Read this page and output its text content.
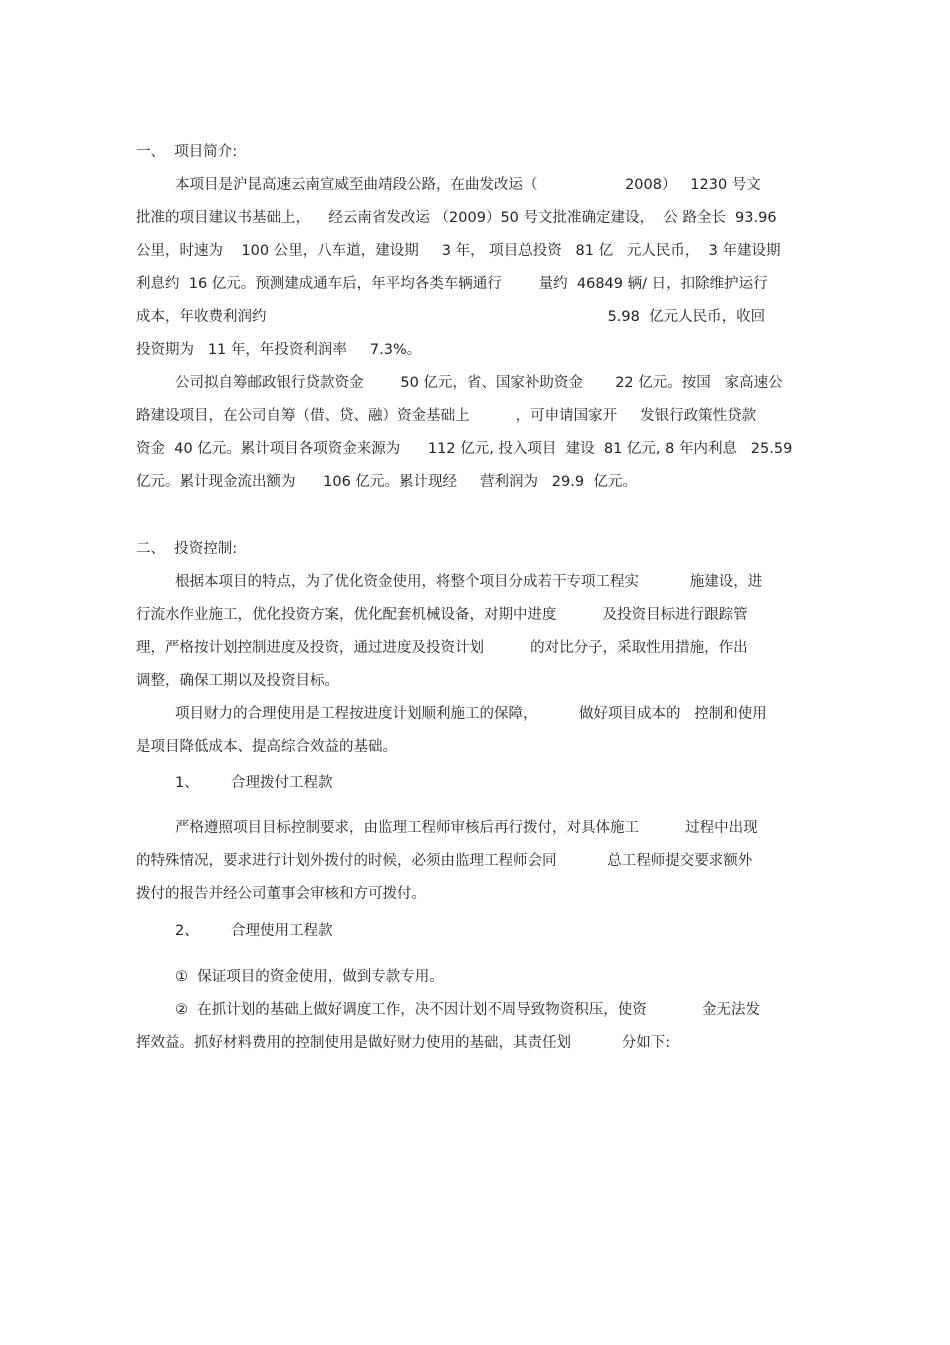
一、  项目简介:
本项目是沪昆高速云南宣威至曲靖段公路，在曲发改运（                   2008）   1230 号文
批准的项目建议书基础上，    经云南省发改运 （2009）50 号文批准确定建设，  公 路全长  93.96
公里，时速为    100 公里，八车道，建设期     3 年， 项目总投资   81 亿   元人民币，  3 年建设期
利息约  16 亿元。预测建成通车后，年平均各类车辆通行        量约  46849 辆/ 日，扣除维护运行
成本，年收费利润约                                                                          5.98  亿元人民币，收回
投资期为   11 年，年投资利润率     7.3%。
公司拟自筹邮政银行贷款资金        50 亿元，省、国家补助资金       22 亿元。按国   家高速公
路建设项目，在公司自筹（借、贷、融）资金基础上          ，可申请国家开     发银行政策性贷款
资金  40 亿元。累计项目各项资金来源为      112 亿元, 投入项目  建设  81 亿元, 8 年内利息   25.59
亿元。累计现金流出额为      106 亿元。累计现经     营利润为   29.9  亿元。
二、  投资控制:
根据本项目的特点，为了优化资金使用，将整个项目分成若干专项工程实           施建设，进
行流水作业施工，优化投资方案，优化配套机械设备，对期中进度          及投资目标进行跟踪管
理，严格按计划控制进度及投资，通过进度及投资计划          的对比分子，采取性用措施，作出
调整，确保工期以及投资目标。
项目财力的合理使用是工程按进度计划顺利施工的保障，         做好项目成本的   控制和使用
是项目降低成本、提高综合效益的基础。
1、       合理拨付工程款
严格遵照项目目标控制要求，由监理工程师审核后再行拨付，对具体施工          过程中出现
的特殊情况，要求进行计划外拨付的时候，必须由监理工程师会同           总工程师提交要求额外
拨付的报告并经公司董事会审核和方可拨付。
2、       合理使用工程款
①  保证项目的资金使用，做到专款专用。
②  在抓计划的基础上做好调度工作，决不因计划不周导致物资积压，使资            金无法发
挥效益。抓好材料费用的控制使用是做好财力使用的基础，其责任划           分如下:
